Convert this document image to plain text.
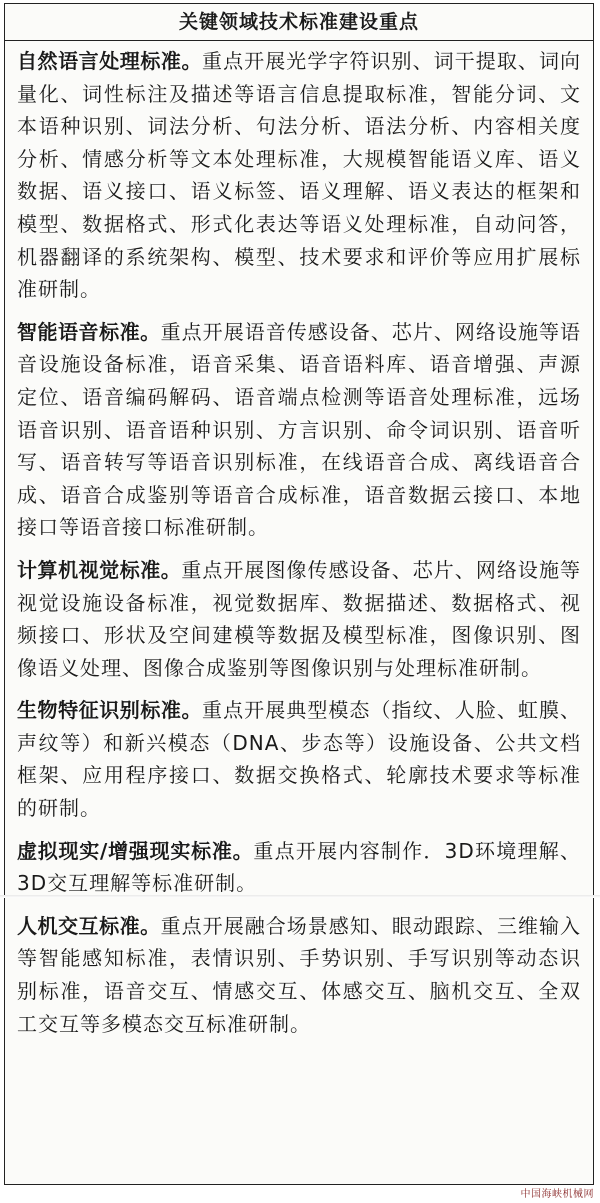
关键领域技术标准建设重点

自然语言处理标准。重点开展光学字符识别、词干提取、词向量化、词性标注及描述等语言信息提取标准，智能分词、文本语种识别、词法分析、句法分析、语法分析、内容相关度分析、情感分析等文本处理标准，大规模智能语义库、语义数据、语义接口、语义标签、语义理解、语义表达的框架和模型、数据格式、形式化表达等语义处理标准，自动问答，机器翻译的系统架构、模型、技术要求和评价等应用扩展标准研制。

智能语音标准。重点开展语音传感设备、芯片、网络设施等语音设施设备标准，语音采集、语音语料库、语音增强、声源定位、语音编码解码、语音端点检测等语音处理标准，远场语音识别、语音语种识别、方言识别、命令词识别、语音听写、语音转写等语音识别标准，在线语音合成、离线语音合成、语音合成鉴别等语音合成标准，语音数据云接口、本地接口等语音接口标准研制。

计算机视觉标准。重点开展图像传感设备、芯片、网络设施等视觉设施设备标准，视觉数据库、数据描述、数据格式、视频接口、形状及空间建模等数据及模型标准，图像识别、图像语义处理、图像合成鉴别等图像识别与处理标准研制。

生物特征识别标准。重点开展典型模态（指纹、人脸、虹膜、声纹等）和新兴模态（DNA、步态等）设施设备、公共文档框架、应用程序接口、数据交换格式、轮廓技术要求等标准的研制。

虚拟现实/增强现实标准。重点开展内容制作．3D环境理解、3D交互理解等标准研制。

人机交互标准。重点开展融合场景感知、眼动跟踪、三维输入等智能感知标准，表情识别、手势识别、手写识别等动态识别标准，语音交互、情感交互、体感交互、脑机交互、全双工交互等多模态交互标准研制。

中国海峡机械网
